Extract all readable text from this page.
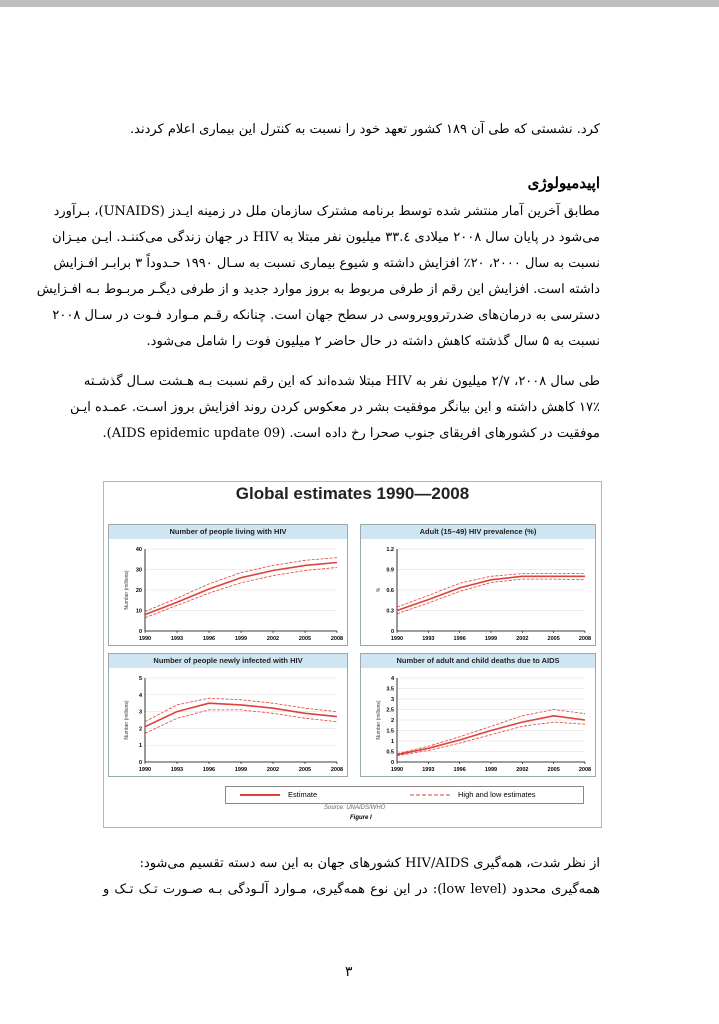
کرد. نشستی که طی آن ۱۸۹ کشور تعهد خود را نسبت به کنترل این بیماری اعلام کردند.
اپیدمیولوژی
مطابق آخرین آمار منتشر شده توسط برنامه مشترک سازمان ملل در زمینه ایـدز (UNAIDS)، بـرآورد
می‌شود در پایان سال ۲۰۰۸ میلادی ۳۳.٤ میلیون نفر مبتلا به HIV در جهان زندگی می‌کننـد. ایـن میـزان
نسبت به سال ۲۰۰۰، ۲۰٪ افزایش داشته و شیوع بیماری نسبت به سـال ۱۹۹۰ حـدوداً ۳ برابـر افـزایش
داشته است. افزایش این رقم از طرفی مربوط به بروز موارد جدید و از طرفی دیگـر مربـوط بـه افـزایش
دسترسی به درمان‌های ضدرتروویروسی در سطح جهان است. چنانکه رقـم مـوارد فـوت در سـال ۲۰۰۸
نسبت به ۵ سال گذشته کاهش داشته در حال حاضر ۲ میلیون فوت را شامل می‌شود.
طی سال ۲۰۰۸، ۲/۷ میلیون نفر به HIV مبتلا شده‌اند که این رقم نسبت بـه هـشت سـال گذشـته
۱۷٪ کاهش داشته و این بیانگر موفقیت بشر در معکوس کردن روند افزایش بروز اسـت. عمـده ایـن
موفقیت در کشورهای افریقای جنوب صحرا رخ داده است. (AIDS epidemic update 09).
Global estimates 1990—2008
Number of people living with HIV
Number (millions)
0
10
20
30
40
1990	1993	1996	1999	2002	2005	2008
Adult (15–49) HIV prevalence (%)
%
0
0.3
0.6
0.9
1.2
1990	1993	1996	1999	2002	2005	2008
Number of people newly infected with HIV
Number (millions)
0
1
2
3
4
5
1990	1993	1996	1999	2002	2005	2008
Number of adult and child deaths due to AIDS
Number (millions)
0
0.5
1
1.5
2
2.5
3
3.5
4
1990	1993	1996	1999	2002	2005	2008
Estimate	High and low estimates
Source: UNAIDS/WHO
Figure I
از نظر شدت، همه‌گیری HIV/AIDS کشورهای جهان به این سه دسته تقسیم می‌شود:
همه‌گیری محدود (low level): در این نوع همه‌گیری، مـوارد آلـودگی بـه صـورت تـک تـک و
۳
